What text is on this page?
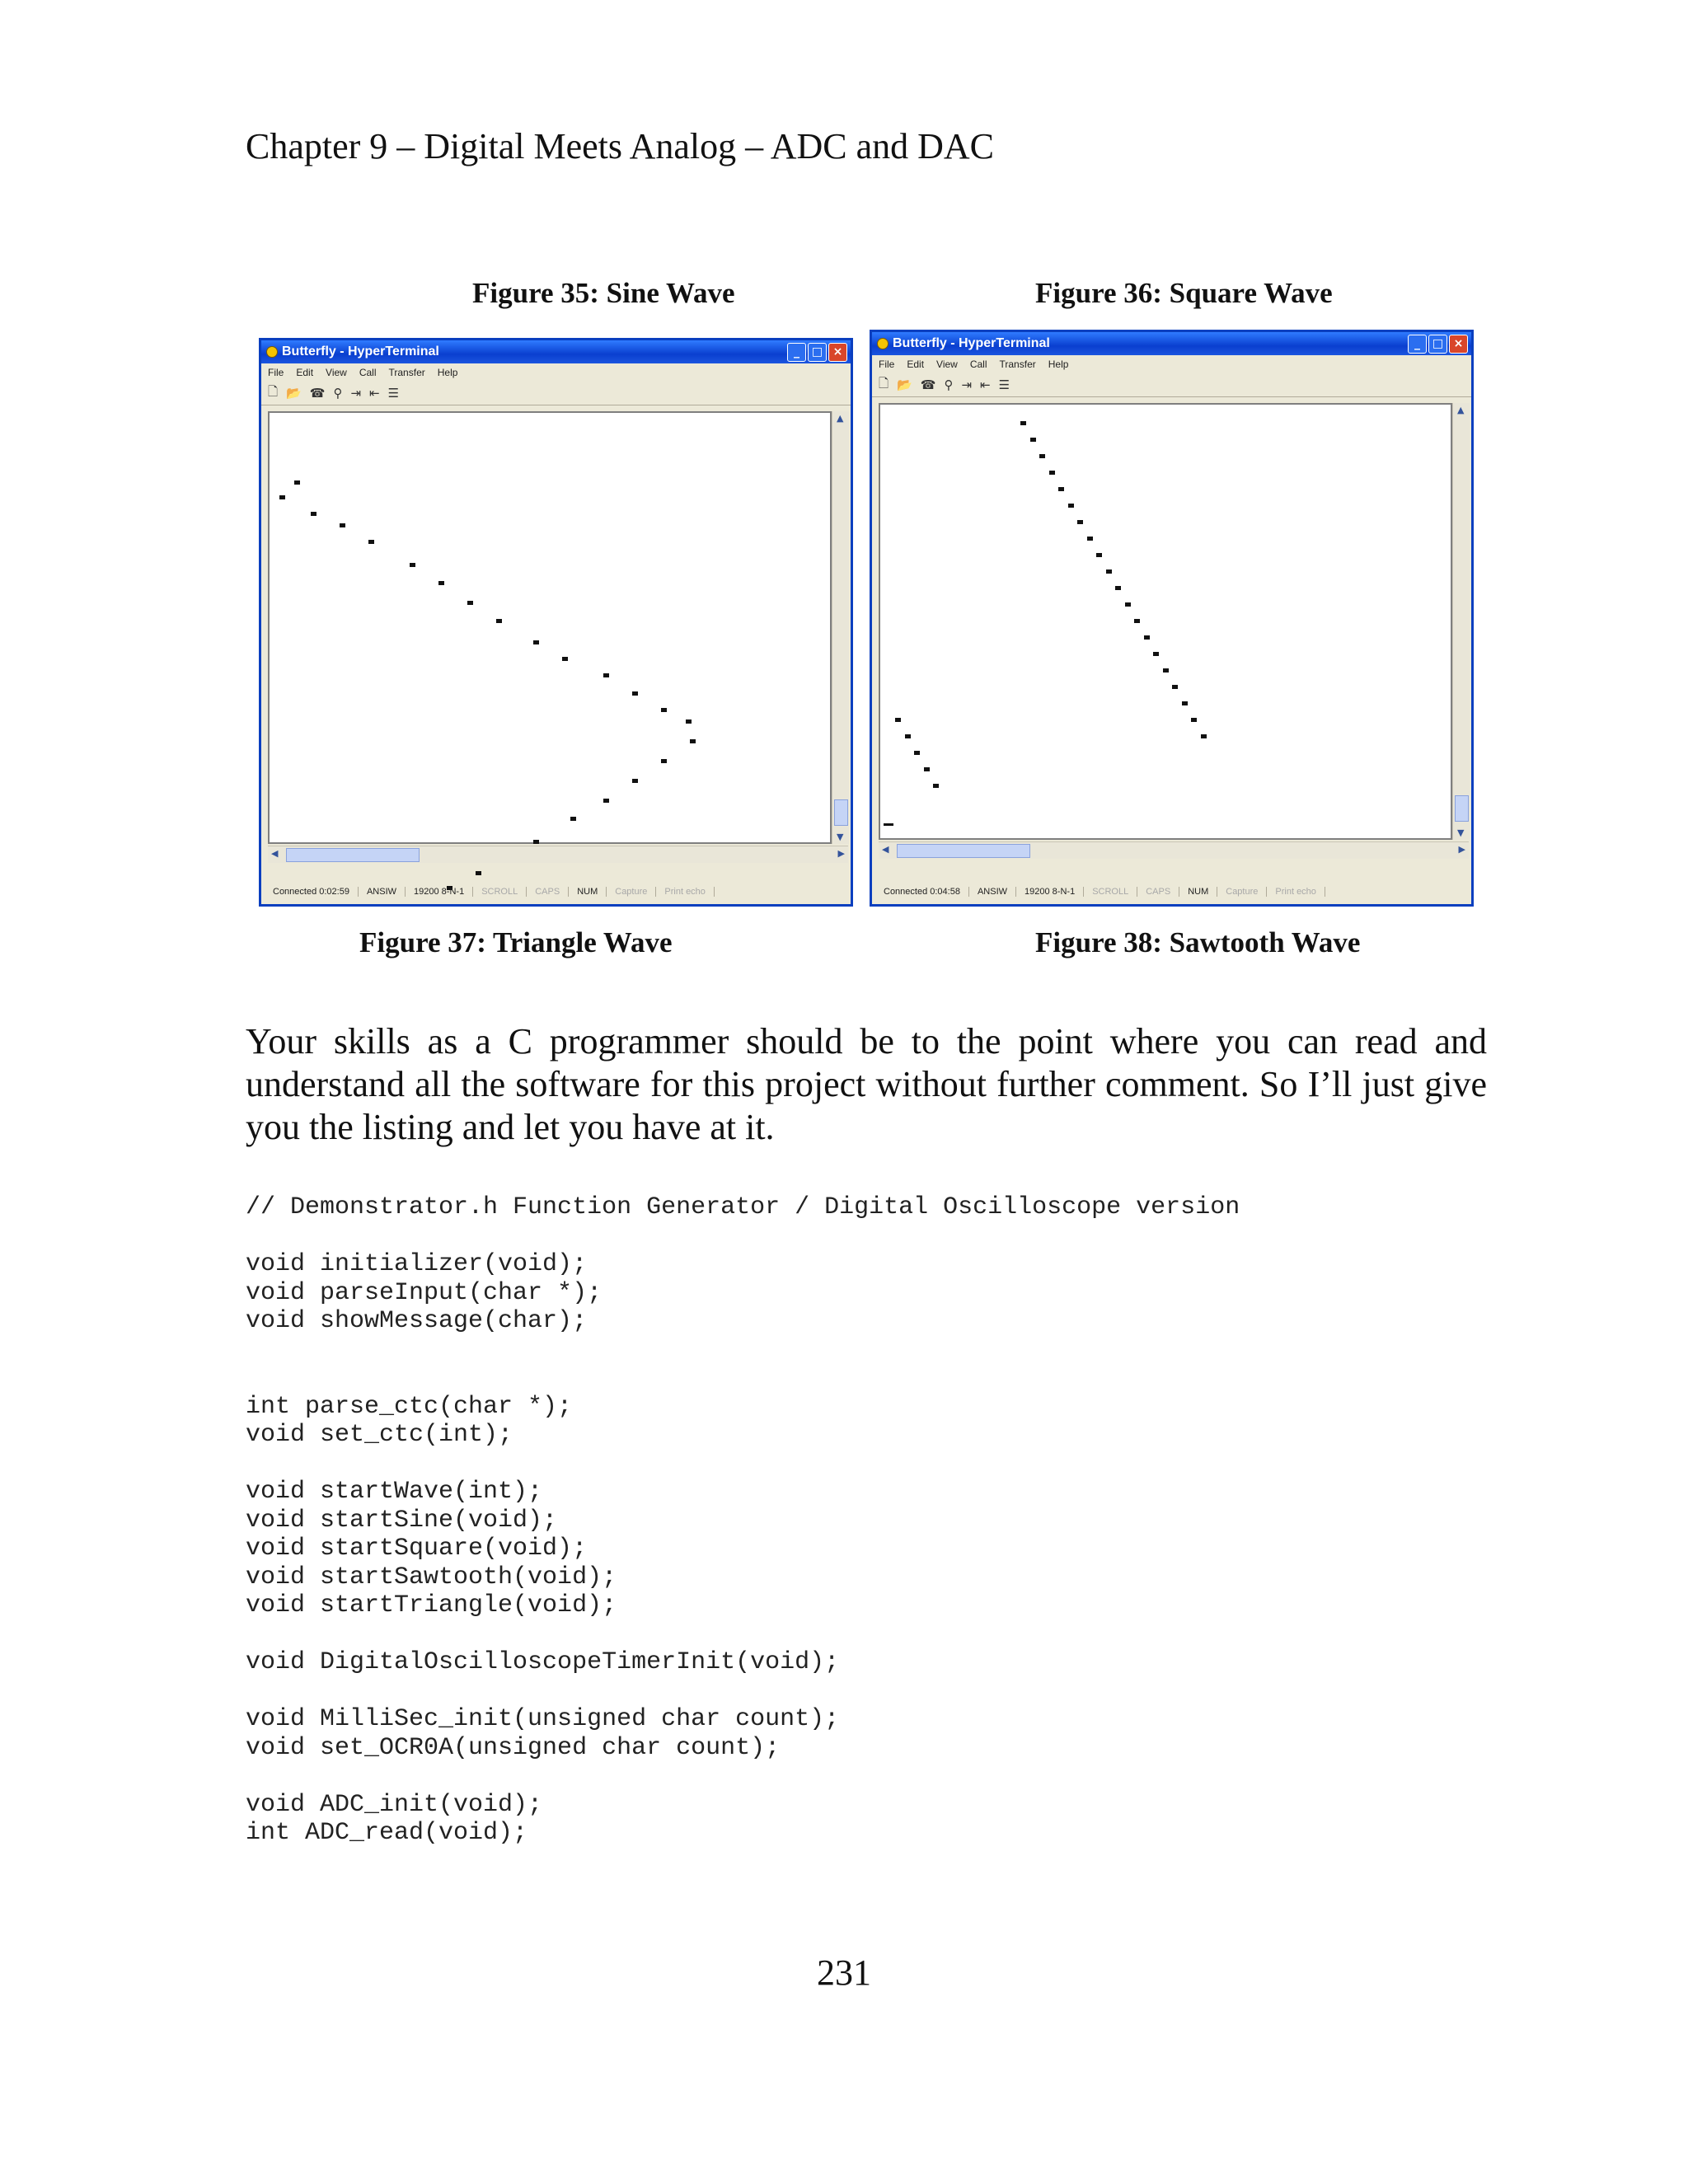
Chapter 9 – Digital Meets Analog – ADC and DAC
Figure 35: Sine Wave	Figure 36: Square Wave
Butterfly - HyperTerminal	_	□ ×
File Edit View Call Transfer Help
🗋 📂 ☎ ⚲ ⇥ ⇤ ☰
▲
▼
◀	▶
Connected 0:02:59	ANSIW	19200 8-N-1	SCROLL	CAPS	NUM	Capture	Print echo
Butterfly - HyperTerminal	_	□ ×
File Edit View Call Transfer Help
🗋 📂 ☎ ⚲ ⇥ ⇤ ☰
▲
▼
◀	▶
Connected 0:04:58	ANSIW	19200 8-N-1	SCROLL	CAPS	NUM	Capture	Print echo
Figure 37: Triangle Wave	Figure 38: Sawtooth Wave

Your skills as a C programmer should be to the point where you can read and understand all the software for this project without further comment. So I’ll just give you the listing and let you have at it.

// Demonstrator.h Function Generator / Digital Oscilloscope version
void initializer(void);
void parseInput(char *);
void showMessage(char);
int parse_ctc(char *);
void set_ctc(int);
void startWave(int);
void startSine(void);
void startSquare(void);
void startSawtooth(void);
void startTriangle(void);
void DigitalOscilloscopeTimerInit(void);
void MilliSec_init(unsigned char count);
void set_OCR0A(unsigned char count);
void ADC_init(void);
int ADC_read(void);
231
